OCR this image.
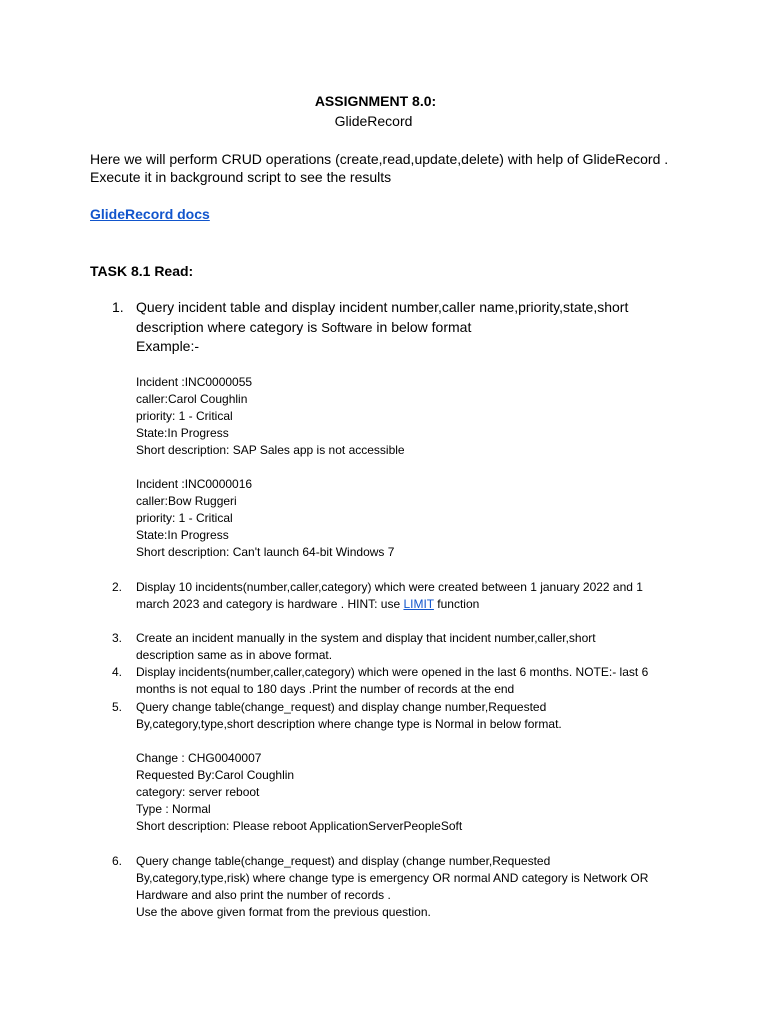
ASSIGNMENT 8.0:
GlideRecord
Here we will perform CRUD operations (create,read,update,delete) with help of GlideRecord .
Execute it in background script to see the results
GlideRecord docs
TASK 8.1 Read:
1. Query incident table and display incident number,caller name,priority,state,short
description where category is Software in below format
Example:-
Incident :INC0000055
caller:Carol Coughlin
priority: 1 - Critical
State:In Progress
Short description: SAP Sales app is not accessible
Incident :INC0000016
caller:Bow Ruggeri
priority: 1 - Critical
State:In Progress
Short description: Can't launch 64-bit Windows 7
2.	Display 10 incidents(number,caller,category) which were created between 1 january 2022 and 1
march 2023 and category is hardware . HINT: use LIMIT function
3.	Create an incident manually in the system and display that incident number,caller,short
description same as in above format.
4.	Display incidents(number,caller,category) which were opened in the last 6 months. NOTE:- last 6
months is not equal to 180 days .Print the number of records at the end
5.	Query change table(change_request) and display change number,Requested
By,category,type,short description where change type is Normal in below format.
Change : CHG0040007
Requested By:Carol Coughlin
category: server reboot
Type : Normal
Short description: Please reboot ApplicationServerPeopleSoft
6.	Query change table(change_request) and display (change number,Requested
By,category,type,risk) where change type is emergency OR normal AND category is Network OR
Hardware and also print the number of records .
Use the above given format from the previous question.
